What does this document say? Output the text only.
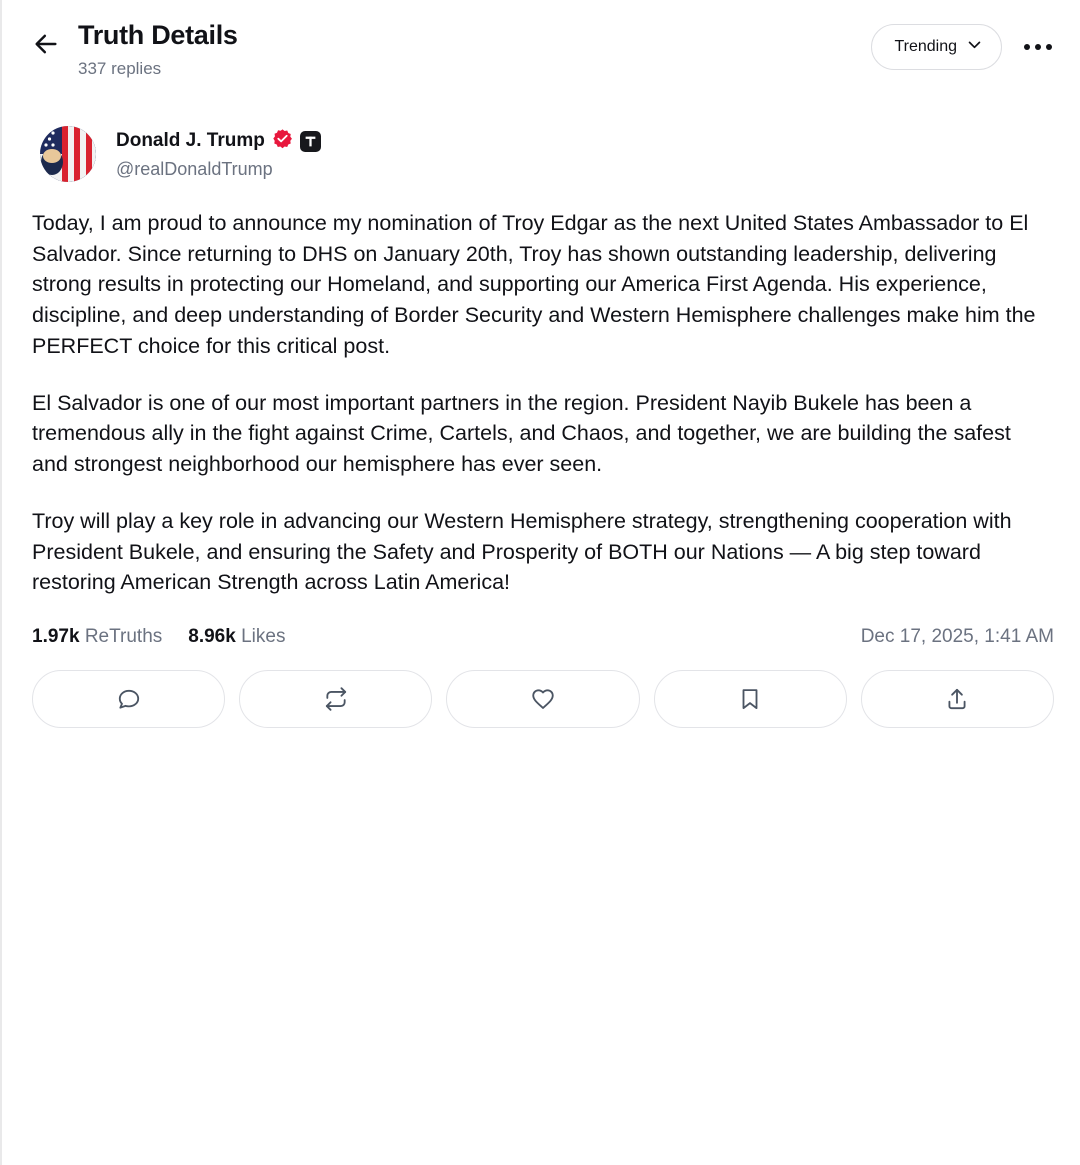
Truth Details
337 replies
Trending
Donald J. Trump
@realDonaldTrump

Today, I am proud to announce my nomination of Troy Edgar as the next United States Ambassador to El Salvador. Since returning to DHS on January 20th, Troy has shown outstanding leadership, delivering strong results in protecting our Homeland, and supporting our America First Agenda. His experience, discipline, and deep understanding of Border Security and Western Hemisphere challenges make him the PERFECT choice for this critical post.

El Salvador is one of our most important partners in the region. President Nayib Bukele has been a tremendous ally in the fight against Crime, Cartels, and Chaos, and together, we are building the safest and strongest neighborhood our hemisphere has ever seen.

Troy will play a key role in advancing our Western Hemisphere strategy, strengthening cooperation with President Bukele, and ensuring the Safety and Prosperity of BOTH our Nations — A big step toward restoring American Strength across Latin America!

1.97k ReTruths 8.96k Likes	Dec 17, 2025, 1:41 AM
